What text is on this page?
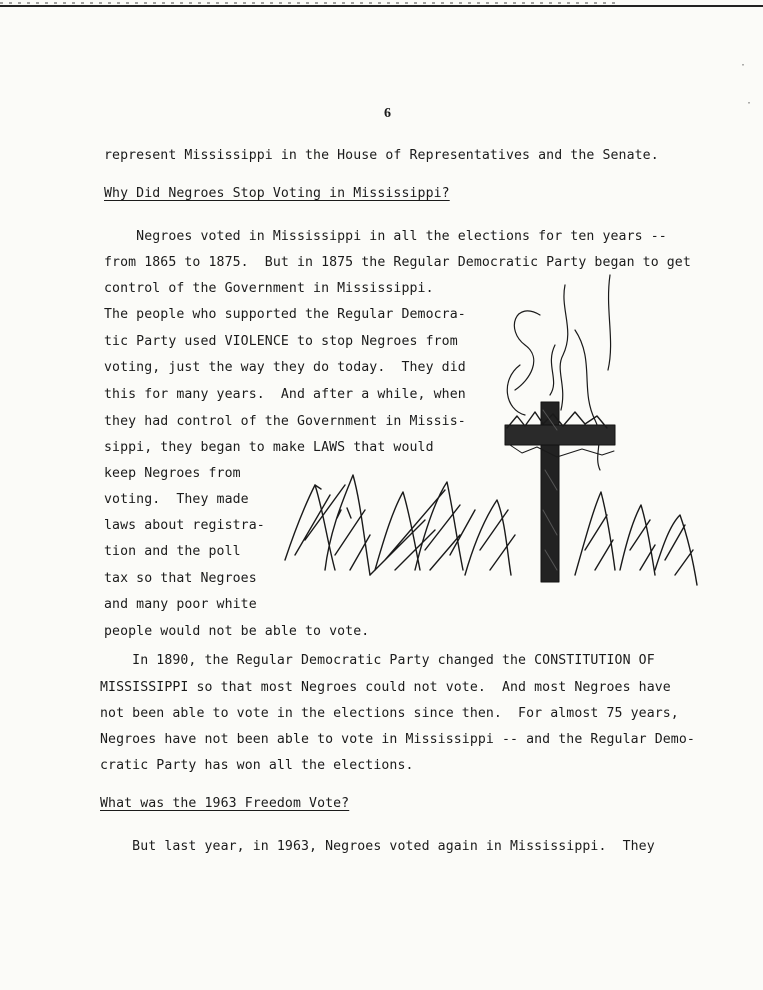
6
represent Mississippi in the House of Representatives and the Senate.
Why Did Negroes Stop Voting in Mississippi?
Negroes voted in Mississippi in all the elections for ten years --
from 1865 to 1875.  But in 1875 the Regular Democratic Party began to get
control of the Government in Mississippi.
The people who supported the Regular Democra-
tic Party used VIOLENCE to stop Negroes from
voting, just the way they do today.  They did
this for many years.  And after a while, when
they had control of the Government in Missis-
sippi, they began to make LAWS that would
keep Negroes from
voting.  They made
laws about registra-
tion and the poll
tax so that Negroes
and many poor white
people would not be able to vote.
In 1890, the Regular Democratic Party changed the CONSTITUTION OF
MISSISSIPPI so that most Negroes could not vote.  And most Negroes have
not been able to vote in the elections since then.  For almost 75 years,
Negroes have not been able to vote in Mississippi -- and the Regular Demo-
cratic Party has won all the elections.
What was the 1963 Freedom Vote?
But last year, in 1963, Negroes voted again in Mississippi.  They
·
·
